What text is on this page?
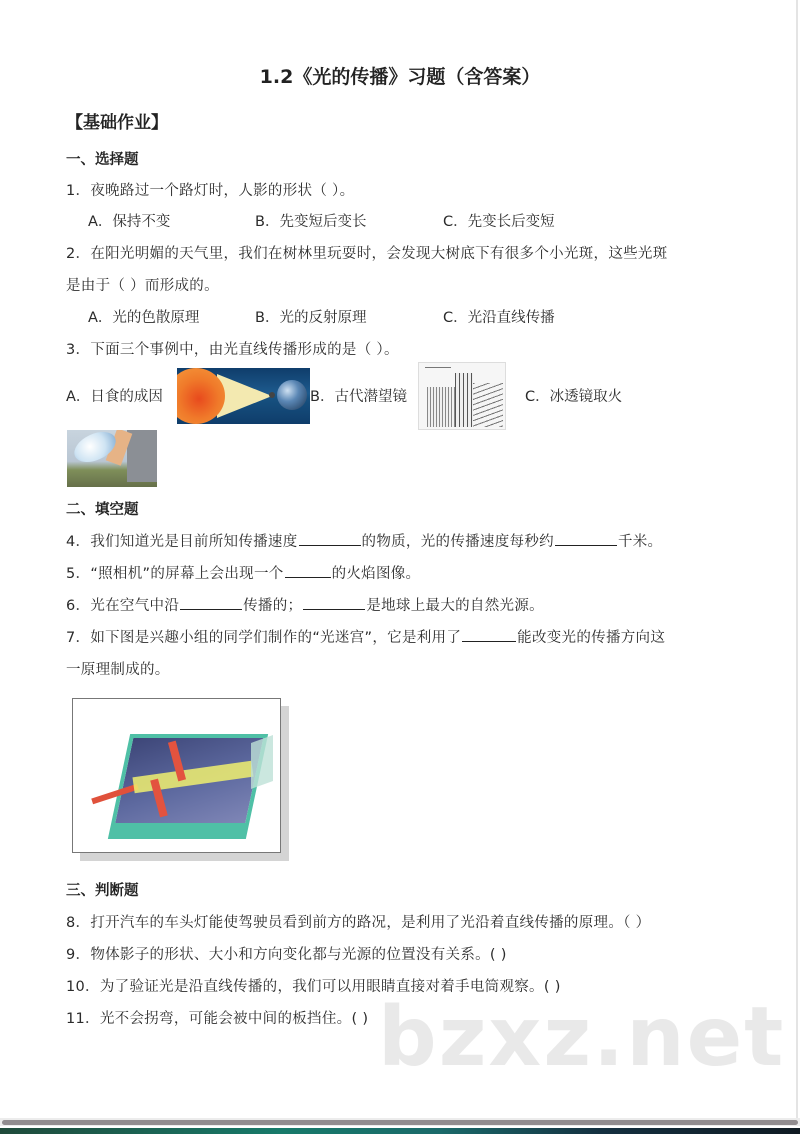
1.2《光的传播》习题（含答案）
【基础作业】
一、选择题
1．夜晚路过一个路灯时，人影的形状（ ）。
A．保持不变	B．先变短后变长	C．先变长后变短
2．在阳光明媚的天气里，我们在树林里玩耍时，会发现大树底下有很多个小光斑，这些光斑
是由于（ ）而形成的。
A．光的色散原理	B．光的反射原理	C．光沿直线传播
3．下面三个事例中，由光直线传播形成的是（ ）。
A．日食的成因	B．古代潜望镜	C．冰透镜取火
二、填空题
4．我们知道光是目前所知传播速度	的物质，光的传播速度每秒约	千米。
5．“照相机”的屏幕上会出现一个	的火焰图像。
6．光在空气中沿	传播的；	是地球上最大的自然光源。
7．如下图是兴趣小组的同学们制作的“光迷宫”，它是利用了	能改变光的传播方向这
一原理制成的。
三、判断题
8．打开汽车的车头灯能使驾驶员看到前方的路况，是利用了光沿着直线传播的原理。（ ）
9．物体影子的形状、大小和方向变化都与光源的位置没有关系。( )
10．为了验证光是沿直线传播的，我们可以用眼睛直接对着手电筒观察。( )
11．光不会拐弯，可能会被中间的板挡住。( ) bzxz.net
